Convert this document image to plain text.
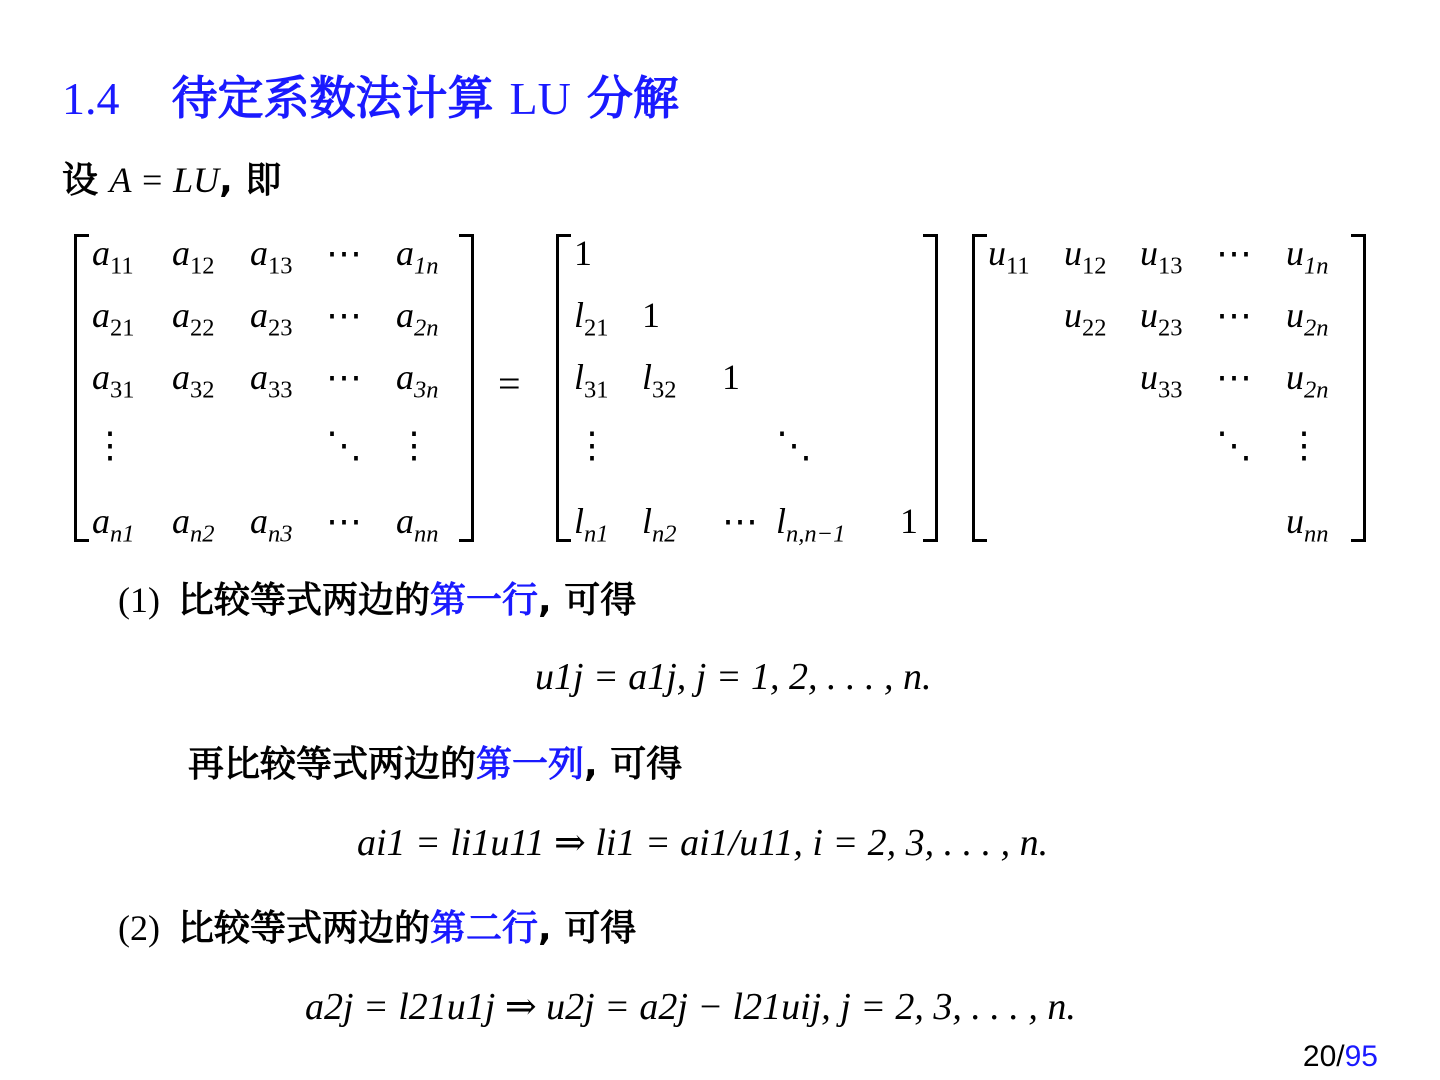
1.4 待定系数法计算 LU 分解
设 A = LU, 即
$a_{11}$ $a_{12}$ $a_{13}$ ⋯ $a_{1n}$
$a_{21}$ $a_{22}$ $a_{23}$ ⋯ $a_{2n}$
$a_{31}$ $a_{32}$ $a_{33}$ ⋯ $a_{3n}$
⋮	⋱ ⋮
$a_{n1}$ $a_{n2}$ $a_{n3}$ ⋯ $a_{nn}$
=
1
$l_{21}$ 1
$l_{31}$ $l_{32}$ 1
⋮	⋱
$l_{n1}$ $l_{n2}$ ⋯ $l_{n,n-1}$ 1
$u_{11}$ $u_{12}$ $u_{13}$ ⋯ $u_{1n}$
$u_{22}$ $u_{23}$ ⋯ $u_{2n}$
$u_{33}$ ⋯ $u_{2n}$
⋱ ⋮
$u_{nn}$
(1) 比较等式两边的第一行, 可得
u1j = a1j, j = 1, 2, . . . , n.
再比较等式两边的第一列, 可得
ai1 = li1u11 ⇒ li1 = ai1/u11, i = 2, 3, . . . , n.
(2) 比较等式两边的第二行, 可得
a2j = l21u1j ⇒ u2j = a2j − l21uij, j = 2, 3, . . . , n.
20/95
